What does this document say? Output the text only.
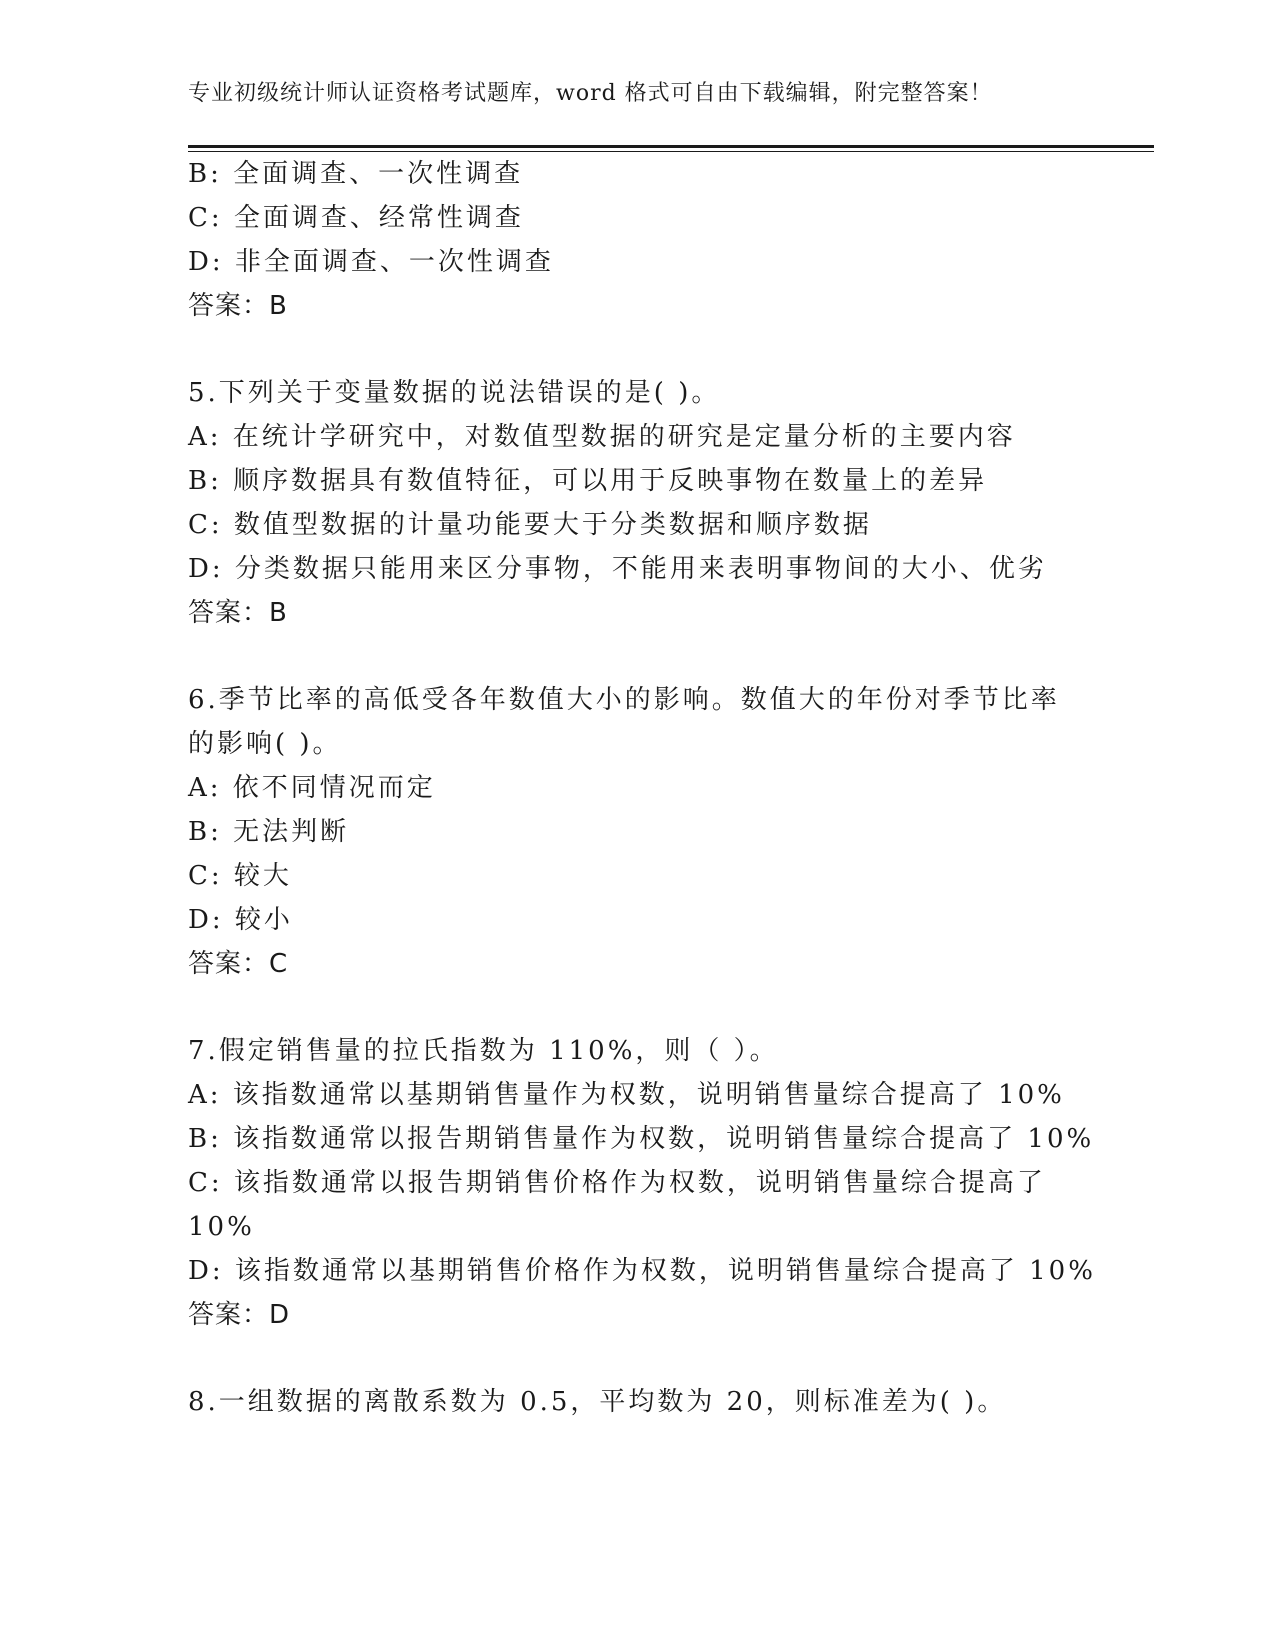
专业初级统计师认证资格考试题库，word 格式可自由下载编辑，附完整答案！
B: 全面调查、一次性调查
C: 全面调查、经常性调查
D: 非全面调查、一次性调查
答案：B
5.下列关于变量数据的说法错误的是( )。
A: 在统计学研究中，对数值型数据的研究是定量分析的主要内容
B: 顺序数据具有数值特征，可以用于反映事物在数量上的差异
C: 数值型数据的计量功能要大于分类数据和顺序数据
D: 分类数据只能用来区分事物，不能用来表明事物间的大小、优劣
答案：B
6.季节比率的高低受各年数值大小的影响。数值大的年份对季节比率
的影响( )。
A: 依不同情况而定
B: 无法判断
C: 较大
D: 较小
答案：C
7.假定销售量的拉氏指数为 110%，则（ ）。
A: 该指数通常以基期销售量作为权数，说明销售量综合提高了 10%
B: 该指数通常以报告期销售量作为权数，说明销售量综合提高了 10%
C: 该指数通常以报告期销售价格作为权数，说明销售量综合提高了
10%
D: 该指数通常以基期销售价格作为权数，说明销售量综合提高了 10%
答案：D
8.一组数据的离散系数为 0.5，平均数为 20，则标准差为( )。
